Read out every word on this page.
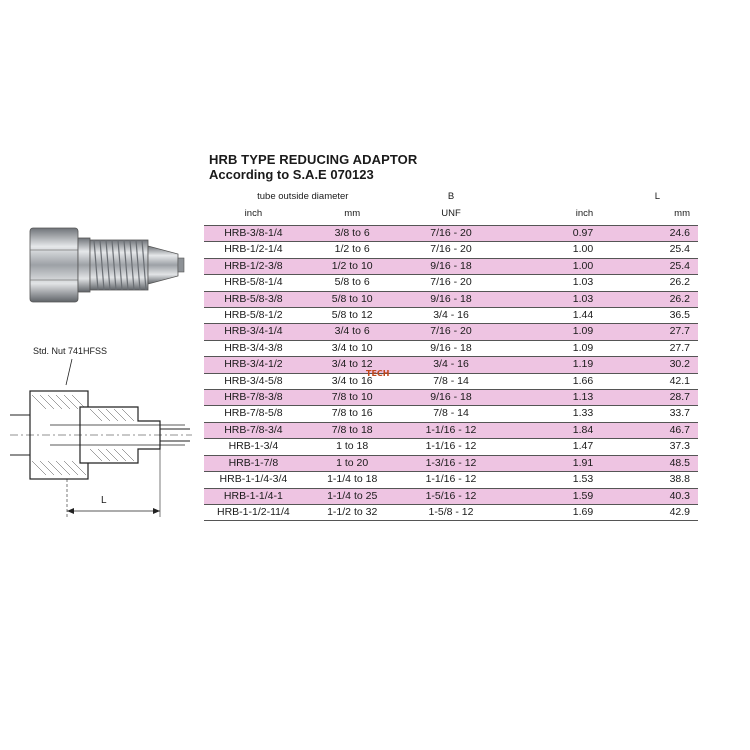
Std. Nut 741HFSS
L
HRB TYPE REDUCING ADAPTOR
According to S.A.E 070123
tube outside diameter		B	L	
inch	mm	UNF	inch	mm
HRB-3/8-1/4	3/8 to 6	7/16 - 20	0.97	24.6
HRB-1/2-1/4	1/2 to 6	7/16 - 20	1.00	25.4
HRB-1/2-3/8	1/2 to 10	9/16 - 18	1.00	25.4
HRB-5/8-1/4	5/8 to 6	7/16 - 20	1.03	26.2
HRB-5/8-3/8	5/8 to 10	9/16 - 18	1.03	26.2
HRB-5/8-1/2	5/8 to 12	3/4 - 16	1.44	36.5
HRB-3/4-1/4	3/4 to 6	7/16 - 20	1.09	27.7
HRB-3/4-3/8	3/4 to 10	9/16 - 18	1.09	27.7
HRB-3/4-1/2	3/4 to 12	3/4 - 16	1.19	30.2
HRB-3/4-5/8	3/4 to 16	7/8 - 14	1.66	42.1
HRB-7/8-3/8	7/8 to 10	9/16 - 18	1.13	28.7
HRB-7/8-5/8	7/8 to 16	7/8 - 14	1.33	33.7
HRB-7/8-3/4	7/8 to 18	1-1/16 - 12	1.84	46.7
HRB-1-3/4	1 to 18	1-1/16 - 12	1.47	37.3
HRB-1-7/8	1 to 20	1-3/16 - 12	1.91	48.5
HRB-1-1/4-3/4	1-1/4 to 18	1-1/16 - 12	1.53	38.8
HRB-1-1/4-1	1-1/4 to 25	1-5/16 - 12	1.59	40.3
HRB-1-1/2-11/4	1-1/2 to 32	1-5/8 - 12	1.69	42.9
TECH
